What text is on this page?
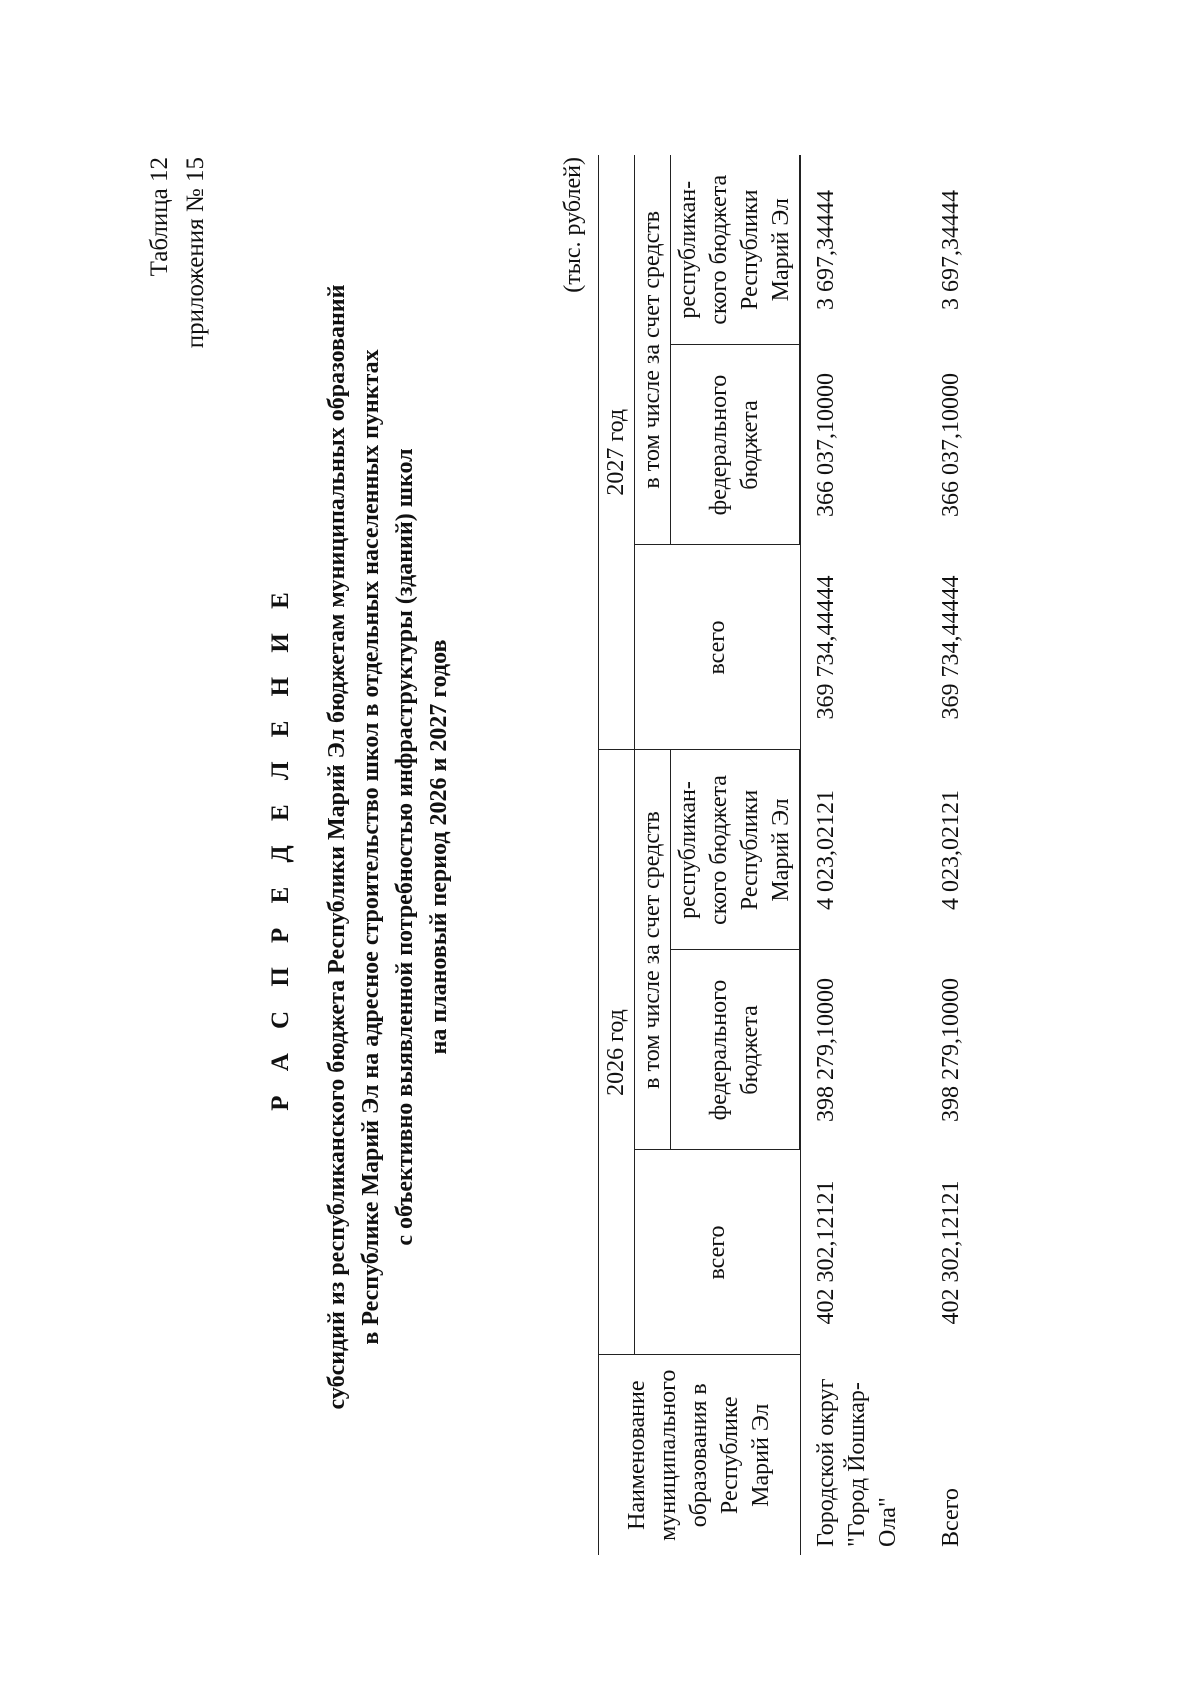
Таблица 12 приложения № 15
Р А С П Р Е Д Е Л Е Н И Е субсидий из республиканского бюджета Республики Марий Эл бюджетам муниципальных образований в Республике Марий Эл на адресное строительство школ в отдельных населенных пунктах с объективно выявленной потребностью инфраструктуры (зданий) школ на плановый период 2026 и 2027 годов
(тыс. рублей)
Наименование муниципального образования в Республике Марий Эл	2026 год			2027 год		
	всего	в том числе за счет средств		всего	в том числе за счет средств	
		федерального бюджета	республикан-ского бюджета Республики Марий Эл		федерального бюджета	республикан-ского бюджета Республики Марий Эл
Городской округ "Город Йошкар-Ола"	402 302,12121	398 279,10000	4 023,02121	369 734,44444	366 037,10000	3 697,34444
Всего	402 302,12121	398 279,10000	4 023,02121	369 734,44444	366 037,10000	3 697,34444
